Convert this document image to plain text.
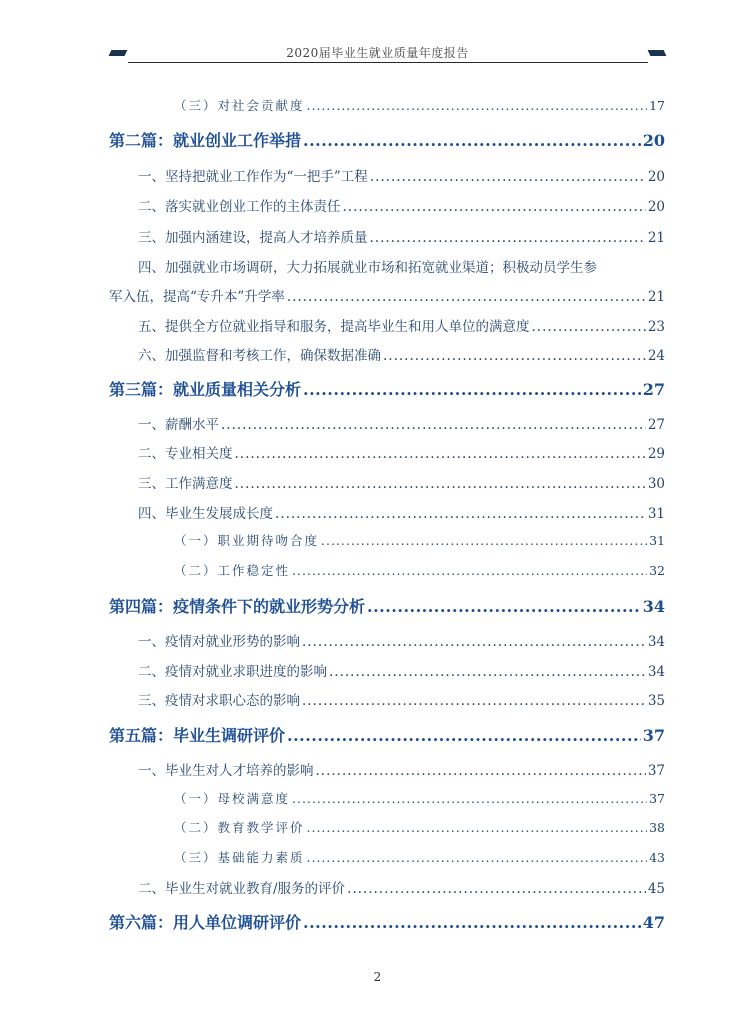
2020届毕业生就业质量年度报告
（三）对社会贡献度 .....	17
第二篇：就业创业工作举措 .....	20
一、坚持把就业工作作为“一把手”工程 .....	20
二、落实就业创业工作的主体责任 .....	20
三、加强内涵建设，提高人才培养质量 .....	21
四、加强就业市场调研，大力拓展就业市场和拓宽就业渠道；积极动员学生参
军入伍，提高“专升本”升学率 .....	21
五、提供全方位就业指导和服务，提高毕业生和用人单位的满意度 .....	23
六、加强监督和考核工作，确保数据准确 .....	24
第三篇：就业质量相关分析 .....	27
一、薪酬水平 .....	27
二、专业相关度 .....	29
三、工作满意度 .....	30
四、毕业生发展成长度 .....	31
（一）职业期待吻合度 .....	31
（二）工作稳定性 .....	32
第四篇：疫情条件下的就业形势分析 .....	34
一、疫情对就业形势的影响 .....	34
二、疫情对就业求职进度的影响 .....	34
三、疫情对求职心态的影响 .....	35
第五篇：毕业生调研评价 .....	37
一、毕业生对人才培养的影响 .....	37
（一）母校满意度 .....	37
（二）教育教学评价 .....	38
（三）基础能力素质 .....	43
二、毕业生对就业教育/服务的评价 .....	45
第六篇：用人单位调研评价 .....	47
2
